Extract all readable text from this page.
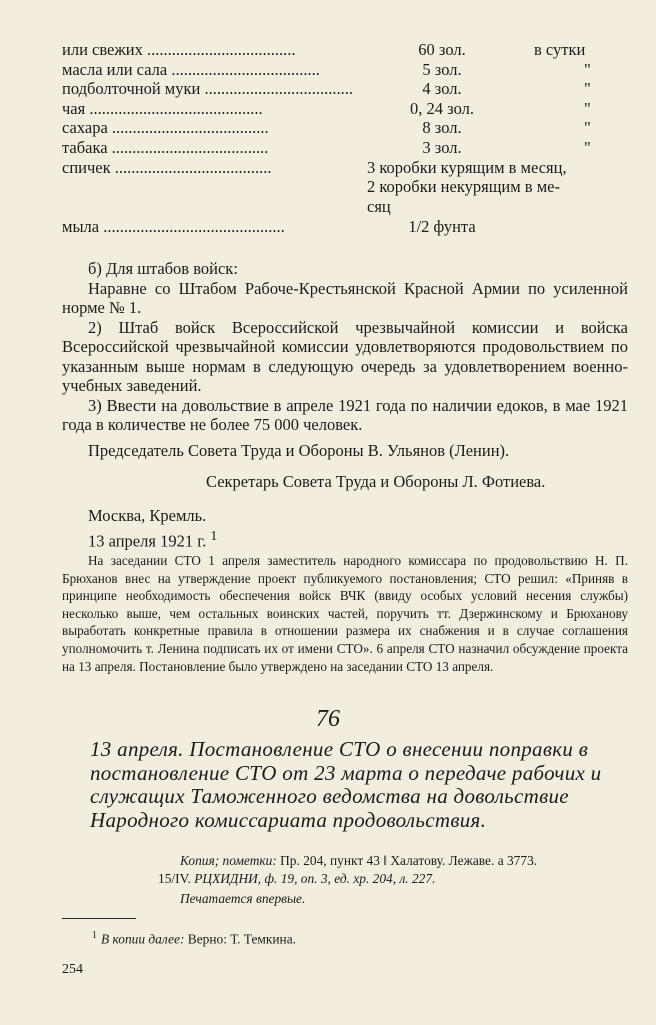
или свежих ....................................	60 зол.	в сутки
масла или сала ....................................	5 зол.	"
подболточной муки ....................................	4 зол.	"
чая ..........................................	0, 24 зол.	"
сахара ......................................	8 зол.	"
табака ......................................	3 зол.	"
спичек ......................................	3 коробки курящим в месяц,
2 коробки некурящим в ме-
сяц
мыла ............................................	1/2 фунта

б) Для штабов войск:

Наравне со Штабом Рабоче-Крестьянской Красной Армии по усиленной норме № 1.

2) Штаб войск Всероссийской чрезвычайной комиссии и войска Всероссийской чрезвычайной комиссии удовлетворяются продовольствием по указанным выше нормам в следующую очередь за удовлетворением военно-учебных заведений.

3) Ввести на довольствие в апреле 1921 года по наличии едоков, в мае 1921 года в количестве не более 75 000 человек.

Председатель Совета Труда и Обороны В. Ульянов (Ленин).
Секретарь Совета Труда и Обороны Л. Фотиева.
Москва, Кремль.
13 апреля 1921 г. $^1$

На заседании СТО 1 апреля заместитель народного комиссара по продовольствию Н. П. Брюханов внес на утверждение проект публикуемого постановления; СТО решил: «Приняв в принципе необходимость обеспечения войск ВЧК (ввиду особых условий несения службы) несколько выше, чем остальных воинских частей, поручить тт. Дзержинскому и Брюханову выработать конкретные правила в отношении размера их снабжения и в случае соглашения уполномочить т. Ленина подписать их от имени СТО». 6 апреля СТО назначил обсуждение проекта на 13 апреля. Постановление было утверждено на заседании СТО 13 апреля.

76
13 апреля. Постановление СТО о внесении поправки в постановление СТО от 23 марта о передаче рабочих и служащих Таможенного ведомства на довольствие Народного комиссариата продовольствия.
Копия; пометки: Пр. 204, пункт 43 ‖ Халатову. Лежаве. а 3773.
15/IV. РЦХИДНИ, ф. 19, оп. 3, ед. хр. 204, л. 227.
Печатается впервые.
$^1$ В копии далее: Верно: Т. Темкина.
254
